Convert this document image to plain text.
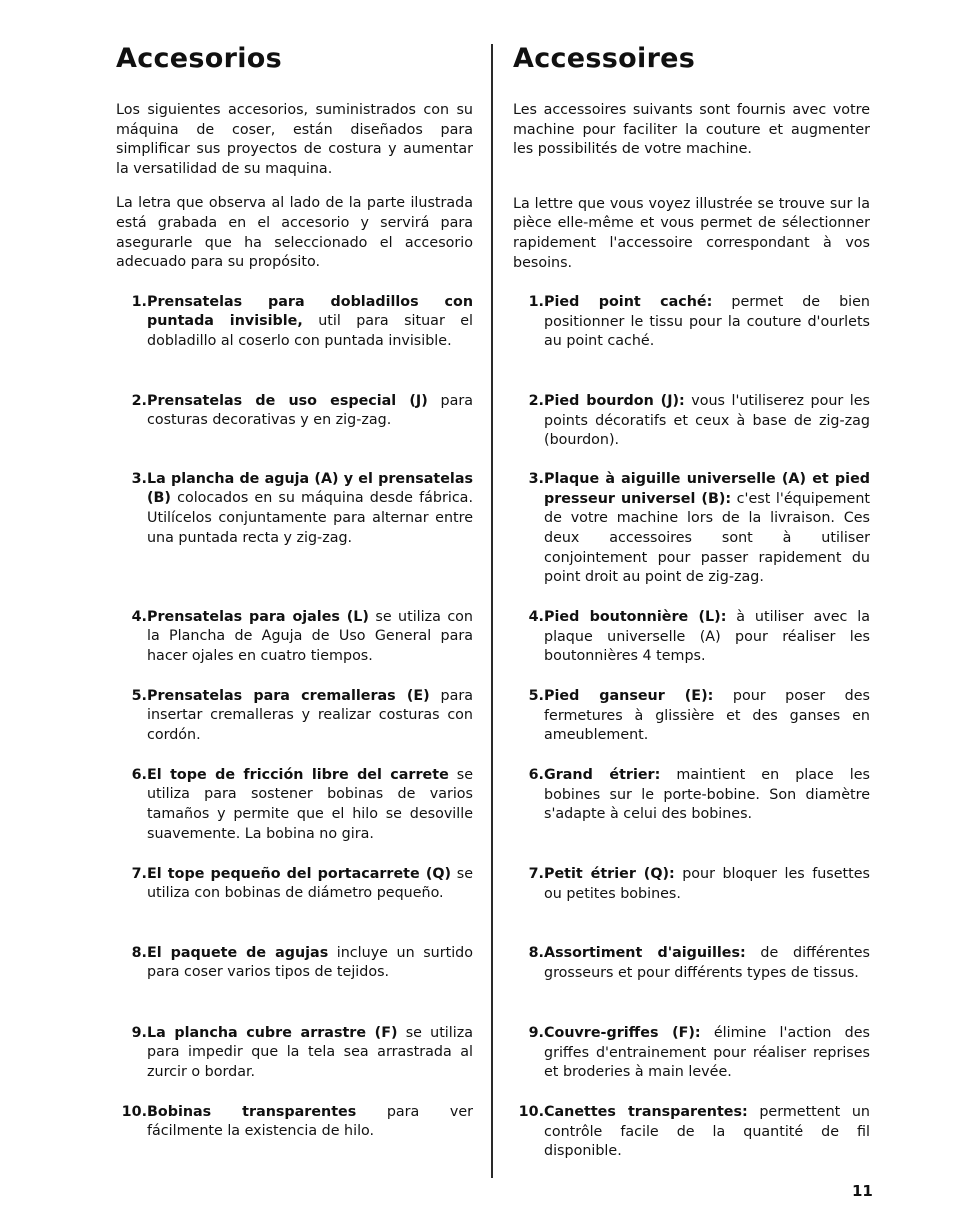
Accesorios

Los siguientes accesorios, suministrados con su máquina de coser, están diseñados para simplificar sus proyectos de costura y aumentar la versatilidad de su maquina.

La letra que observa al lado de la parte ilustrada está grabada en el accesorio y servirá para asegurarle que ha seleccionado el accesorio adecuado para su propósito.

1. Prensatelas para dobladillos con puntada invisible, util para situar el dobladillo al coserlo con puntada invisible.
2. Prensatelas de uso especial (J) para costuras decorativas y en zig-zag.
3. La plancha de aguja (A) y el prensatelas (B) colocados en su máquina desde fábrica. Utilícelos conjuntamente para alternar entre una puntada recta y zig-zag.
4. Prensatelas para ojales (L) se utiliza con la Plancha de Aguja de Uso General para hacer ojales en cuatro tiempos.
5. Prensatelas para cremalleras (E) para insertar cremalleras y realizar costuras con cordón.
6. El tope de fricción libre del carrete se utiliza para sostener bobinas de varios tamaños y permite que el hilo se desoville suavemente. La bobina no gira.
7. El tope pequeño del portacarrete (Q) se utiliza con bobinas de diámetro pequeño.
8. El paquete de agujas incluye un surtido para coser varios tipos de tejidos.
9. La plancha cubre arrastre (F) se utiliza para impedir que la tela sea arrastrada al zurcir o bordar.
10. Bobinas transparentes para ver fácilmente la existencia de hilo.
Accessoires

Les accessoires suivants sont fournis avec votre machine pour faciliter la couture et augmenter les possibilités de votre machine.

La lettre que vous voyez illustrée se trouve sur la pièce elle-même et vous permet de sélectionner rapidement l'accessoire correspondant à vos besoins.

1. Pied point caché: permet de bien positionner le tissu pour la couture d'ourlets au point caché.
2. Pied bourdon (J): vous l'utiliserez pour les points décoratifs et ceux à base de zig-zag (bourdon).
3. Plaque à aiguille universelle (A) et pied presseur universel (B): c'est l'équipement de votre machine lors de la livraison. Ces deux accessoires sont à utiliser conjointement pour passer rapidement du point droit au point de zig-zag.
4. Pied boutonnière (L): à utiliser avec la plaque universelle (A) pour réaliser les boutonnières 4 temps.
5. Pied ganseur (E): pour poser des fermetures à glissière et des ganses en ameublement.
6. Grand étrier: maintient en place les bobines sur le porte-bobine. Son diamètre s'adapte à celui des bobines.
7. Petit étrier (Q): pour bloquer les fusettes ou petites bobines.
8. Assortiment d'aiguilles: de différentes grosseurs et pour différents types de tissus.
9. Couvre-griffes (F): élimine l'action des griffes d'entrainement pour réaliser reprises et broderies à main levée.
10. Canettes transparentes: permettent un contrôle facile de la quantité de fil disponible.
11
